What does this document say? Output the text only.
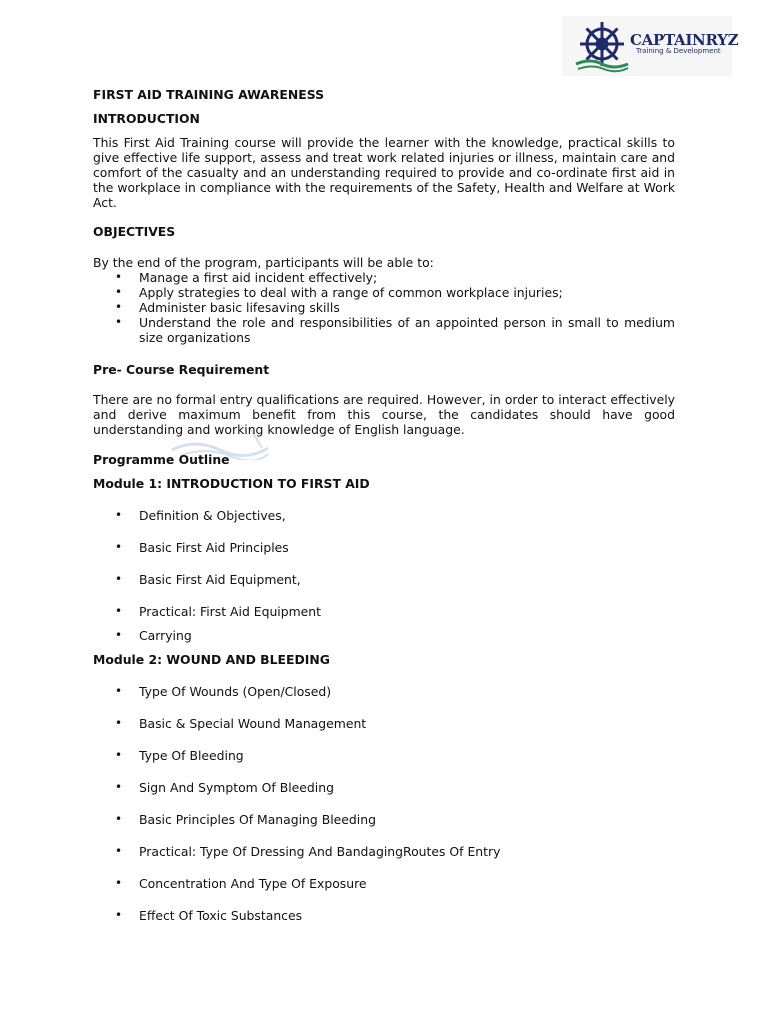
CAPTAINRYZ
Training & Development

FIRST AID TRAINING AWARENESS

INTRODUCTION

This First Aid Training course will provide the learner with the knowledge, practical skills to give effective life support, assess and treat work related injuries or illness, maintain care and comfort of the casualty and an understanding required to provide and co-ordinate first aid in the workplace in compliance with the requirements of the Safety, Health and Welfare at Work Act.

OBJECTIVES

By the end of the program, participants will be able to:

• Manage a first aid incident effectively;
• Apply strategies to deal with a range of common workplace injuries;
• Administer basic lifesaving skills
• Understand the role and responsibilities of an appointed person in small to medium size organizations

Pre- Course Requirement

There are no formal entry qualifications are required. However, in order to interact effectively and derive maximum benefit from this course, the candidates should have good understanding and working knowledge of English language.

Programme Outline

Module 1: INTRODUCTION TO FIRST AID

• Definition & Objectives,
• Basic First Aid Principles
• Basic First Aid Equipment,
• Practical: First Aid Equipment
• Carrying

Module 2: WOUND AND BLEEDING

• Type Of Wounds (Open/Closed)
• Basic & Special Wound Management
• Type Of Bleeding
• Sign And Symptom Of Bleeding
• Basic Principles Of Managing Bleeding
• Practical: Type Of Dressing And BandagingRoutes Of Entry
• Concentration And Type Of Exposure
• Effect Of Toxic Substances
